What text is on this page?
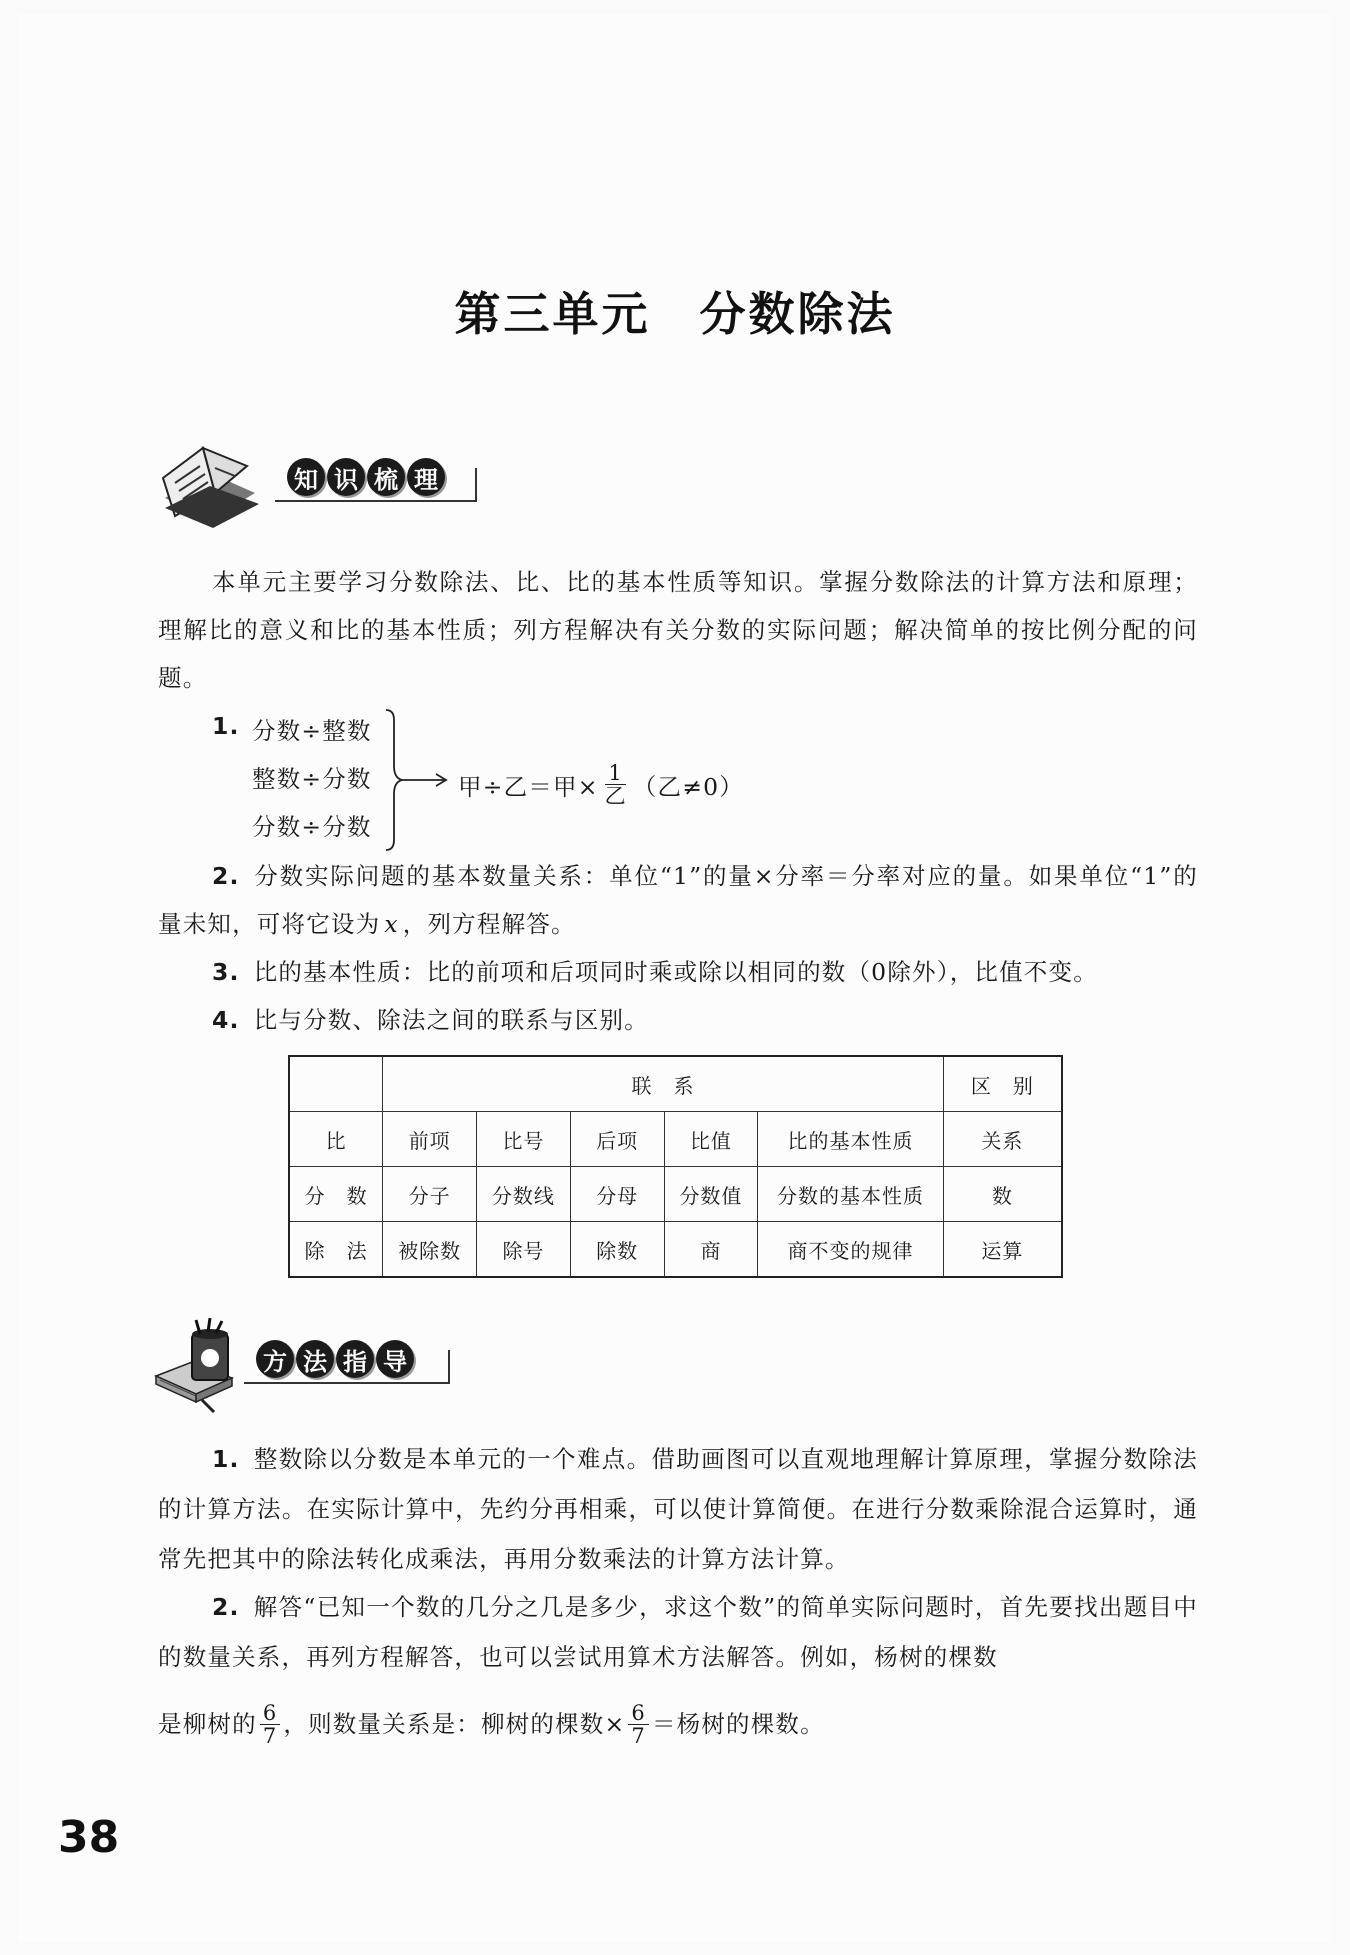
第三单元　分数除法
知 识 梳 理
本单元主要学习分数除法、比、比的基本性质等知识。掌握分数除法的计算方法和原理；理解比的意义和比的基本性质；列方程解决有关分数的实际问题；解决简单的按比例分配的问题。
1. 分数÷整数
整数÷分数
分数÷分数
甲÷乙＝甲× $\frac{1}{\text{乙}}$ （乙≠0）
2. 分数实际问题的基本数量关系：单位“1”的量×分率＝分率对应的量。如果单位“1”的量未知，可将它设为 x ，列方程解答。
3. 比的基本性质：比的前项和后项同时乘或除以相同的数（0除外），比值不变。
4. 比与分数、除法之间的联系与区别。
	联　系					区　别
比	前项	比号	后项	比值	比的基本性质	关系
分　数	分子	分数线	分母	分数值	分数的基本性质	数
除　法	被除数	除号	除数	商	商不变的规律	运算
方 法 指 导
1. 整数除以分数是本单元的一个难点。借助画图可以直观地理解计算原理，掌握分数除法的计算方法。在实际计算中，先约分再相乘，可以使计算简便。在进行分数乘除混合运算时，通常先把其中的除法转化成乘法，再用分数乘法的计算方法计算。
2. 解答“已知一个数的几分之几是多少，求这个数”的简单实际问题时，首先要找出题目中的数量关系，再列方程解答，也可以尝试用算术方法解答。例如，杨树的棵数
是柳树的 $\frac{6}{7}$ ，则数量关系是：柳树的棵数× $\frac{6}{7}$ ＝杨树的棵数。
38
